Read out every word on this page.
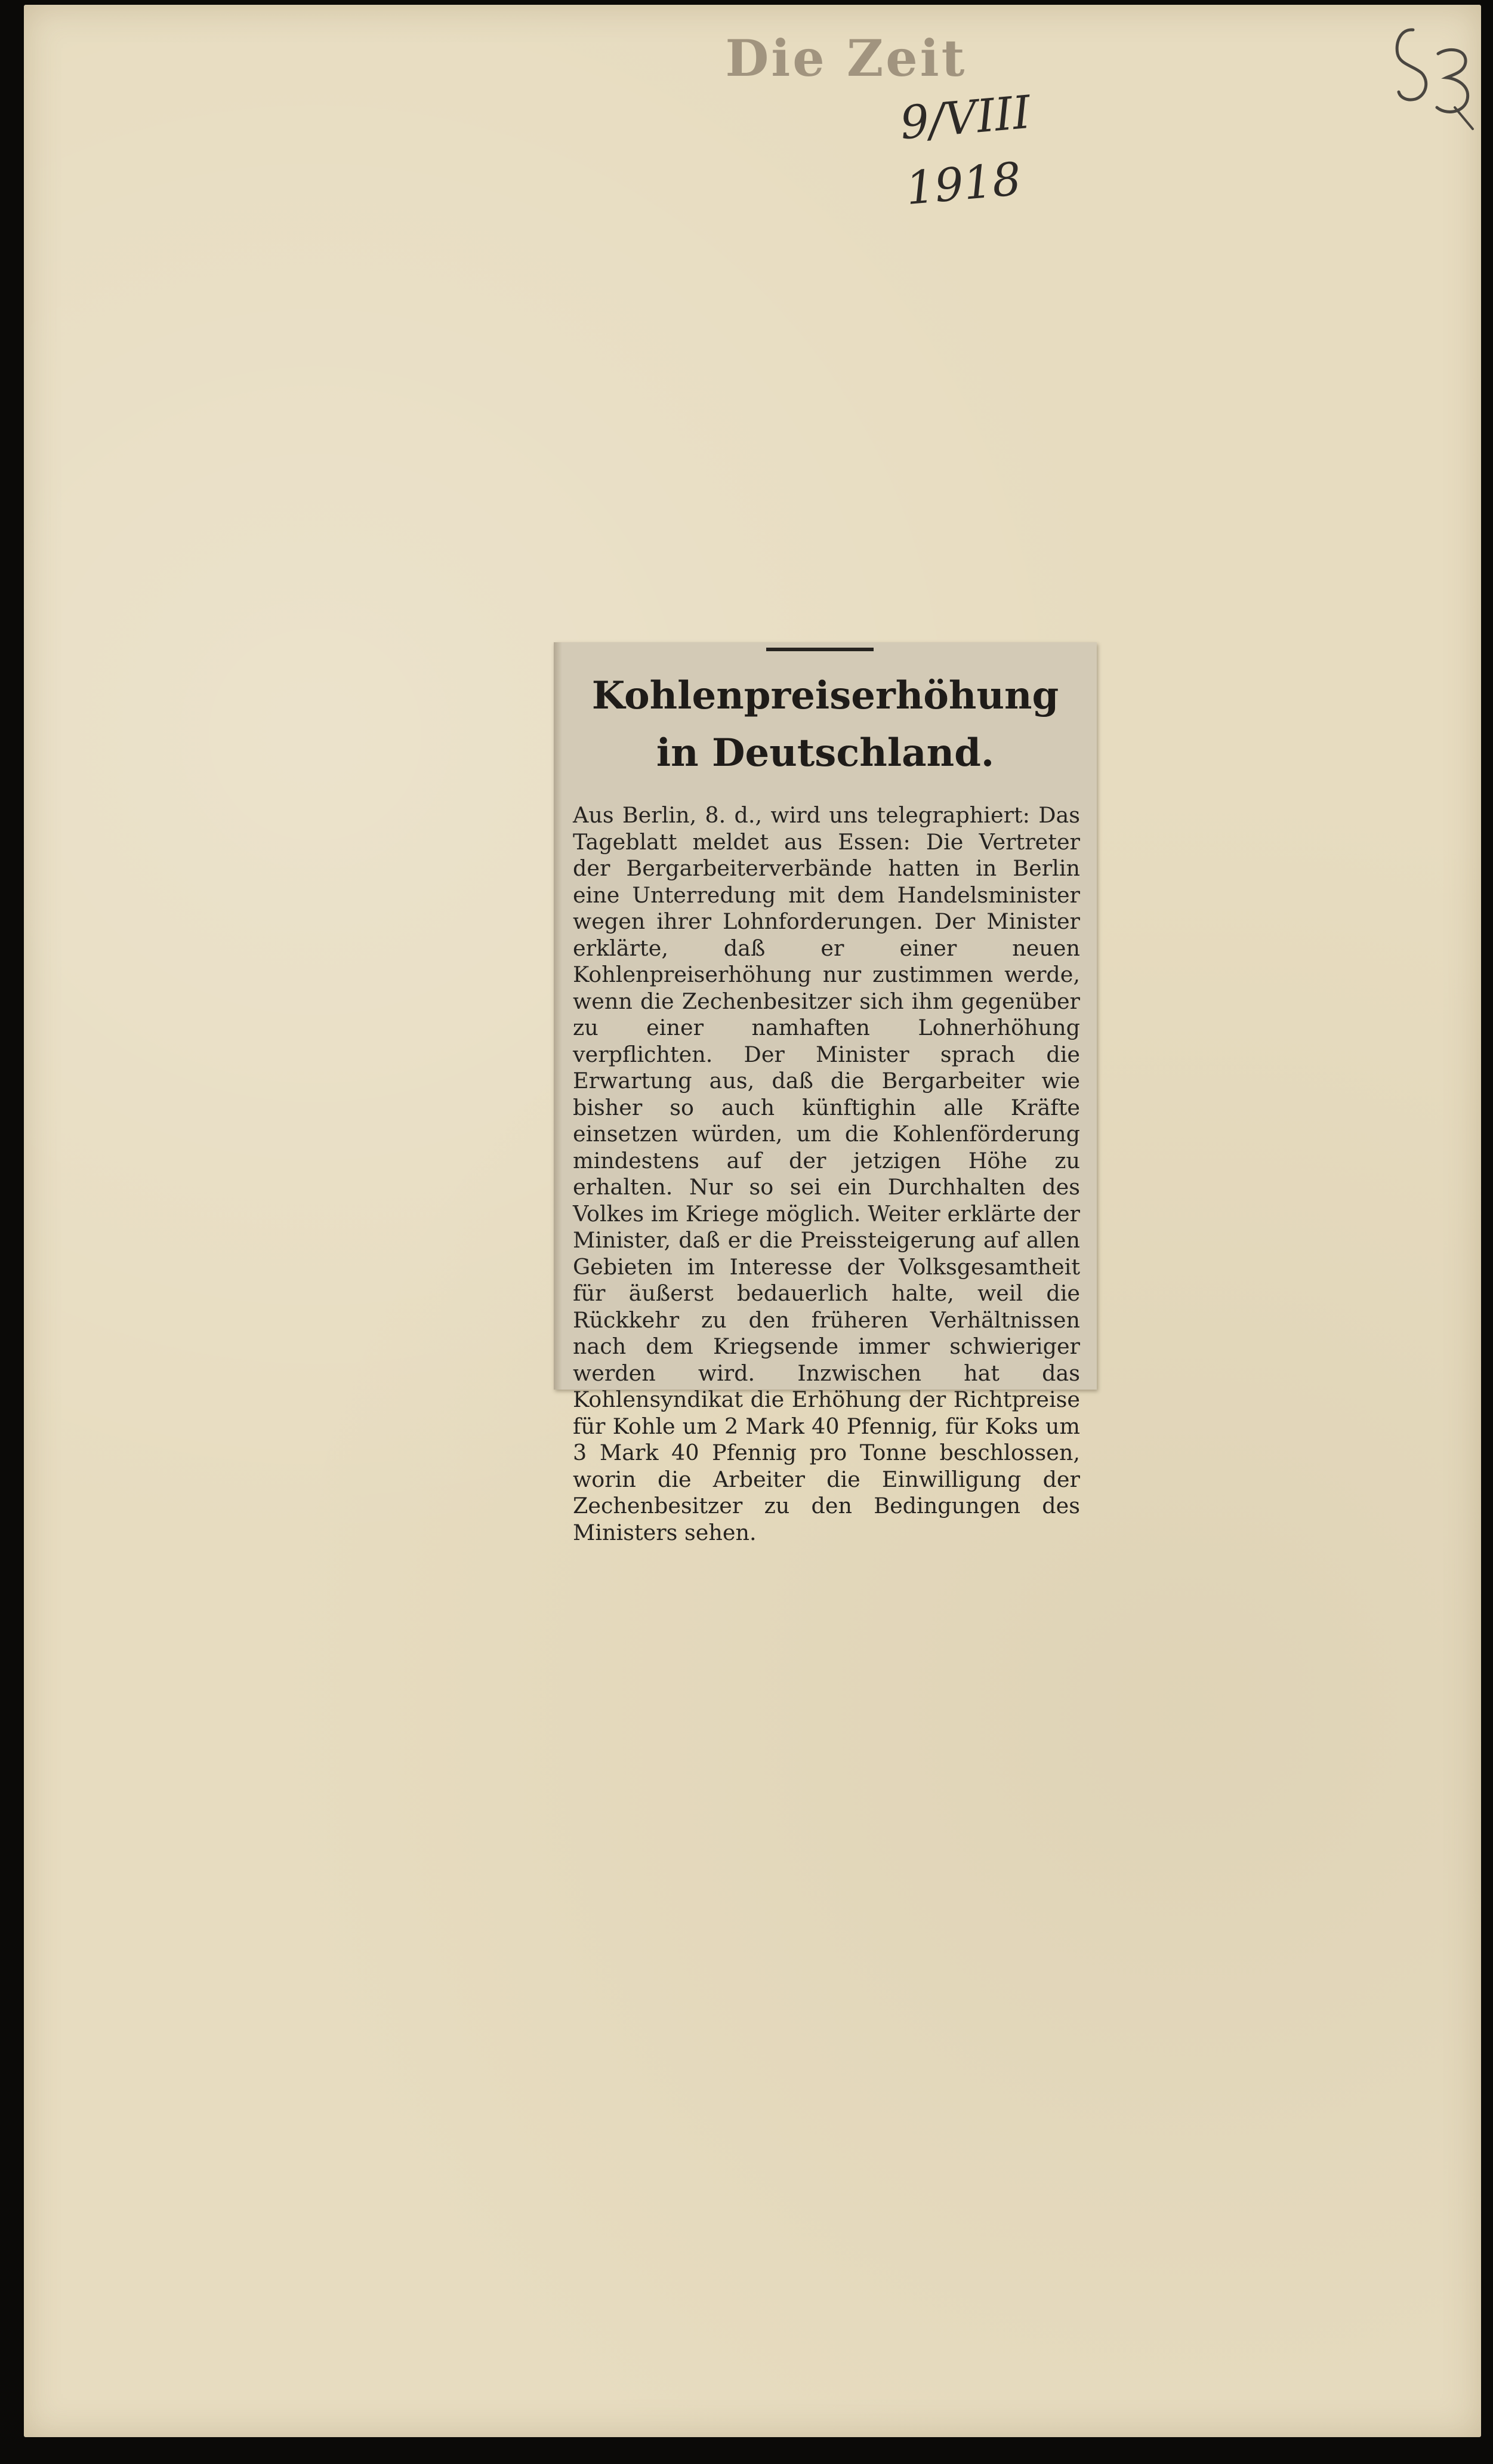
Die Zeit
9/VIII 1918
Kohlenpreiserhöhung in Deutschland.
Aus Berlin, 8. d., wird uns telegraphiert: Das Tageblatt meldet aus Essen: Die Vertreter der Bergarbeiterverbände hatten in Berlin eine Unterredung mit dem Handelsminister wegen ihrer Lohnforderungen. Der Minister erklärte, daß er einer neuen Kohlenpreiserhöhung nur zustimmen werde, wenn die Zechenbesitzer sich ihm gegenüber zu einer namhaften Lohnerhöhung verpflichten. Der Minister sprach die Erwartung aus, daß die Bergarbeiter wie bisher so auch künftighin alle Kräfte einsetzen würden, um die Kohlenförderung mindestens auf der jetzigen Höhe zu erhalten. Nur so sei ein Durchhalten des Volkes im Kriege möglich. Weiter erklärte der Minister, daß er die Preissteigerung auf allen Gebieten im Interesse der Volksgesamtheit für äußerst bedauerlich halte, weil die Rückkehr zu den früheren Verhältnissen nach dem Kriegsende immer schwieriger werden wird. Inzwischen hat das Kohlensyndikat die Erhöhung der Richtpreise für Kohle um 2 Mark 40 Pfennig, für Koks um 3 Mark 40 Pfennig pro Tonne beschlossen, worin die Arbeiter die Einwilligung der Zechenbesitzer zu den Bedingungen des Ministers sehen.
